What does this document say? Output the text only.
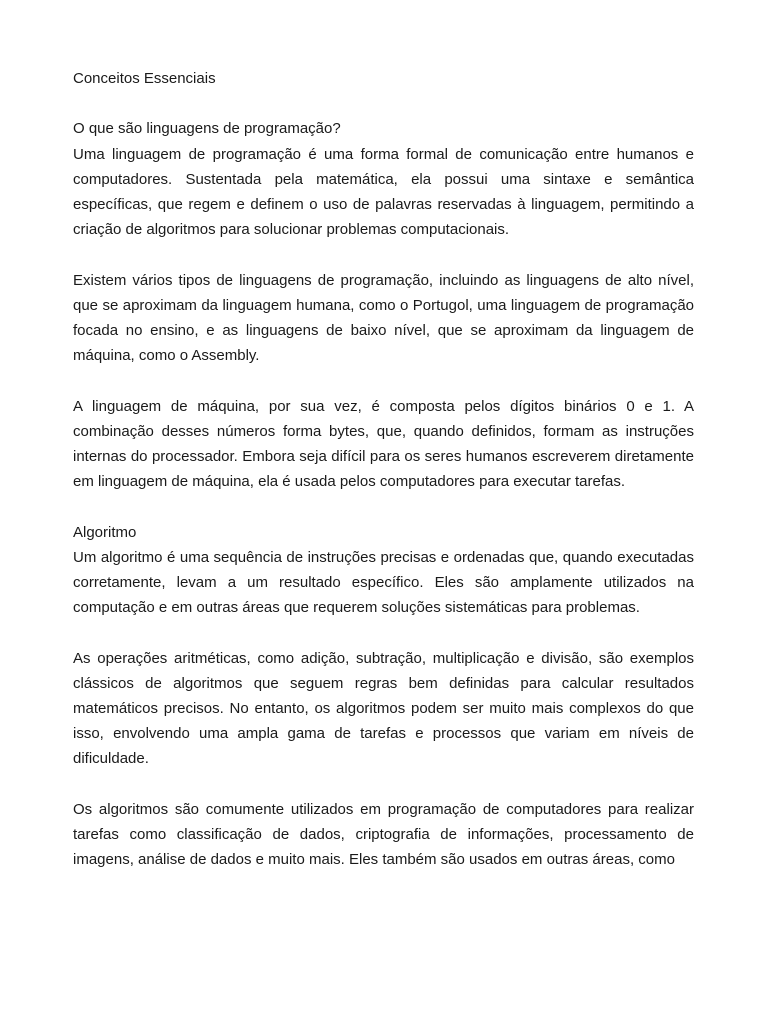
Conceitos Essenciais

O que são linguagens de programação?

Uma linguagem de programação é uma forma formal de comunicação entre humanos e computadores. Sustentada pela matemática, ela possui uma sintaxe e semântica específicas, que regem e definem o uso de palavras reservadas à linguagem, permitindo a criação de algoritmos para solucionar problemas computacionais.

Existem vários tipos de linguagens de programação, incluindo as linguagens de alto nível, que se aproximam da linguagem humana, como o Portugol, uma linguagem de programação focada no ensino, e as linguagens de baixo nível, que se aproximam da linguagem de máquina, como o Assembly.

A linguagem de máquina, por sua vez, é composta pelos dígitos binários 0 e 1. A combinação desses números forma bytes, que, quando definidos, formam as instruções internas do processador. Embora seja difícil para os seres humanos escreverem diretamente em linguagem de máquina, ela é usada pelos computadores para executar tarefas.

Algoritmo

Um algoritmo é uma sequência de instruções precisas e ordenadas que, quando executadas corretamente, levam a um resultado específico. Eles são amplamente utilizados na computação e em outras áreas que requerem soluções sistemáticas para problemas.

As operações aritméticas, como adição, subtração, multiplicação e divisão, são exemplos clássicos de algoritmos que seguem regras bem definidas para calcular resultados matemáticos precisos. No entanto, os algoritmos podem ser muito mais complexos do que isso, envolvendo uma ampla gama de tarefas e processos que variam em níveis de dificuldade.

Os algoritmos são comumente utilizados em programação de computadores para realizar tarefas como classificação de dados, criptografia de informações, processamento de imagens, análise de dados e muito mais. Eles também são usados em outras áreas, como
